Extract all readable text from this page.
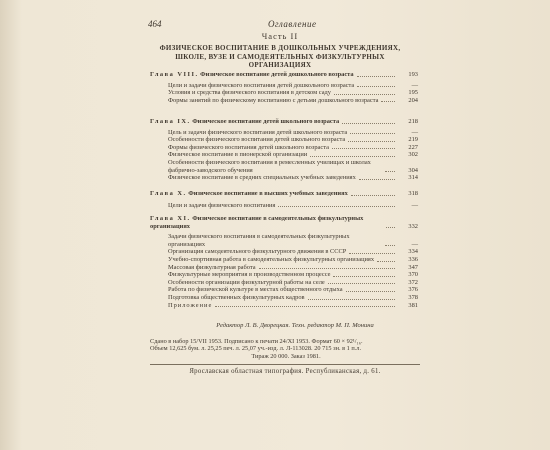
464	Оглавление
Часть II
ФИЗИЧЕСКОЕ ВОСПИТАНИЕ В ДОШКОЛЬНЫХ УЧРЕЖДЕНИЯХ, ШКОЛЕ, ВУЗЕ И САМОДЕЯТЕЛЬНЫХ ФИЗКУЛЬТУРНЫХ ОРГАНИЗАЦИЯХ
Глава VIII. Физическое воспитание детей дошкольного возраста	193
Цели и задачи физического воспитания детей дошкольного возраста	—
Условия и средства физического воспитания в детском саду	195
Формы занятий по физическому воспитанию с детьми дошкольного возраста	204
Глава IX. Физическое воспитание детей школьного возраста	218
Цель и задачи физического воспитания детей школьного возраста	—
Особенности физического воспитания детей школьного возраста	219
Формы физического воспитания детей школьного возраста	227
Физическое воспитание в пионерской организации	302
Особенности физического воспитания в ремесленных училищах и школах фабрично-заводского обучения	304
Физическое воспитание в средних специальных учебных заведениях	314
Глава X. Физическое воспитание в высших учебных заведениях	318
Цели и задачи физического воспитания	—
Глава XI. Физическое воспитание в самодеятельных физкультурных организациях	332
Задачи физического воспитания в самодеятельных физкультурных организациях	—
Организация самодеятельного физкультурного движения в СССР	334
Учебно-спортивная работа в самодеятельных физкультурных организациях	336
Массовая физкультурная работа	347
Физкультурные мероприятия в производственном процессе	370
Особенности организации физкультурной работы на селе	372
Работа по физической культуре в местах общественного отдыха	376
Подготовка общественных физкультурных кадров	378
Приложение	381
Редактор Л. В. Дворецкая. Техн. редактор М. П. Монина
Сдано в набор 15/VII 1953. Подписано к печати 24/XI 1953. Формат 60 × 92¹/₁₆.
Объем 12,625 бум. л. 25,25 печ. л. 25,07 уч.-изд. л. Л-113028. 20 715 зн. в 1 п.л.
Тираж 20 000. Заказ 1981.
Ярославская областная типография. Республиканская, д. 61.
